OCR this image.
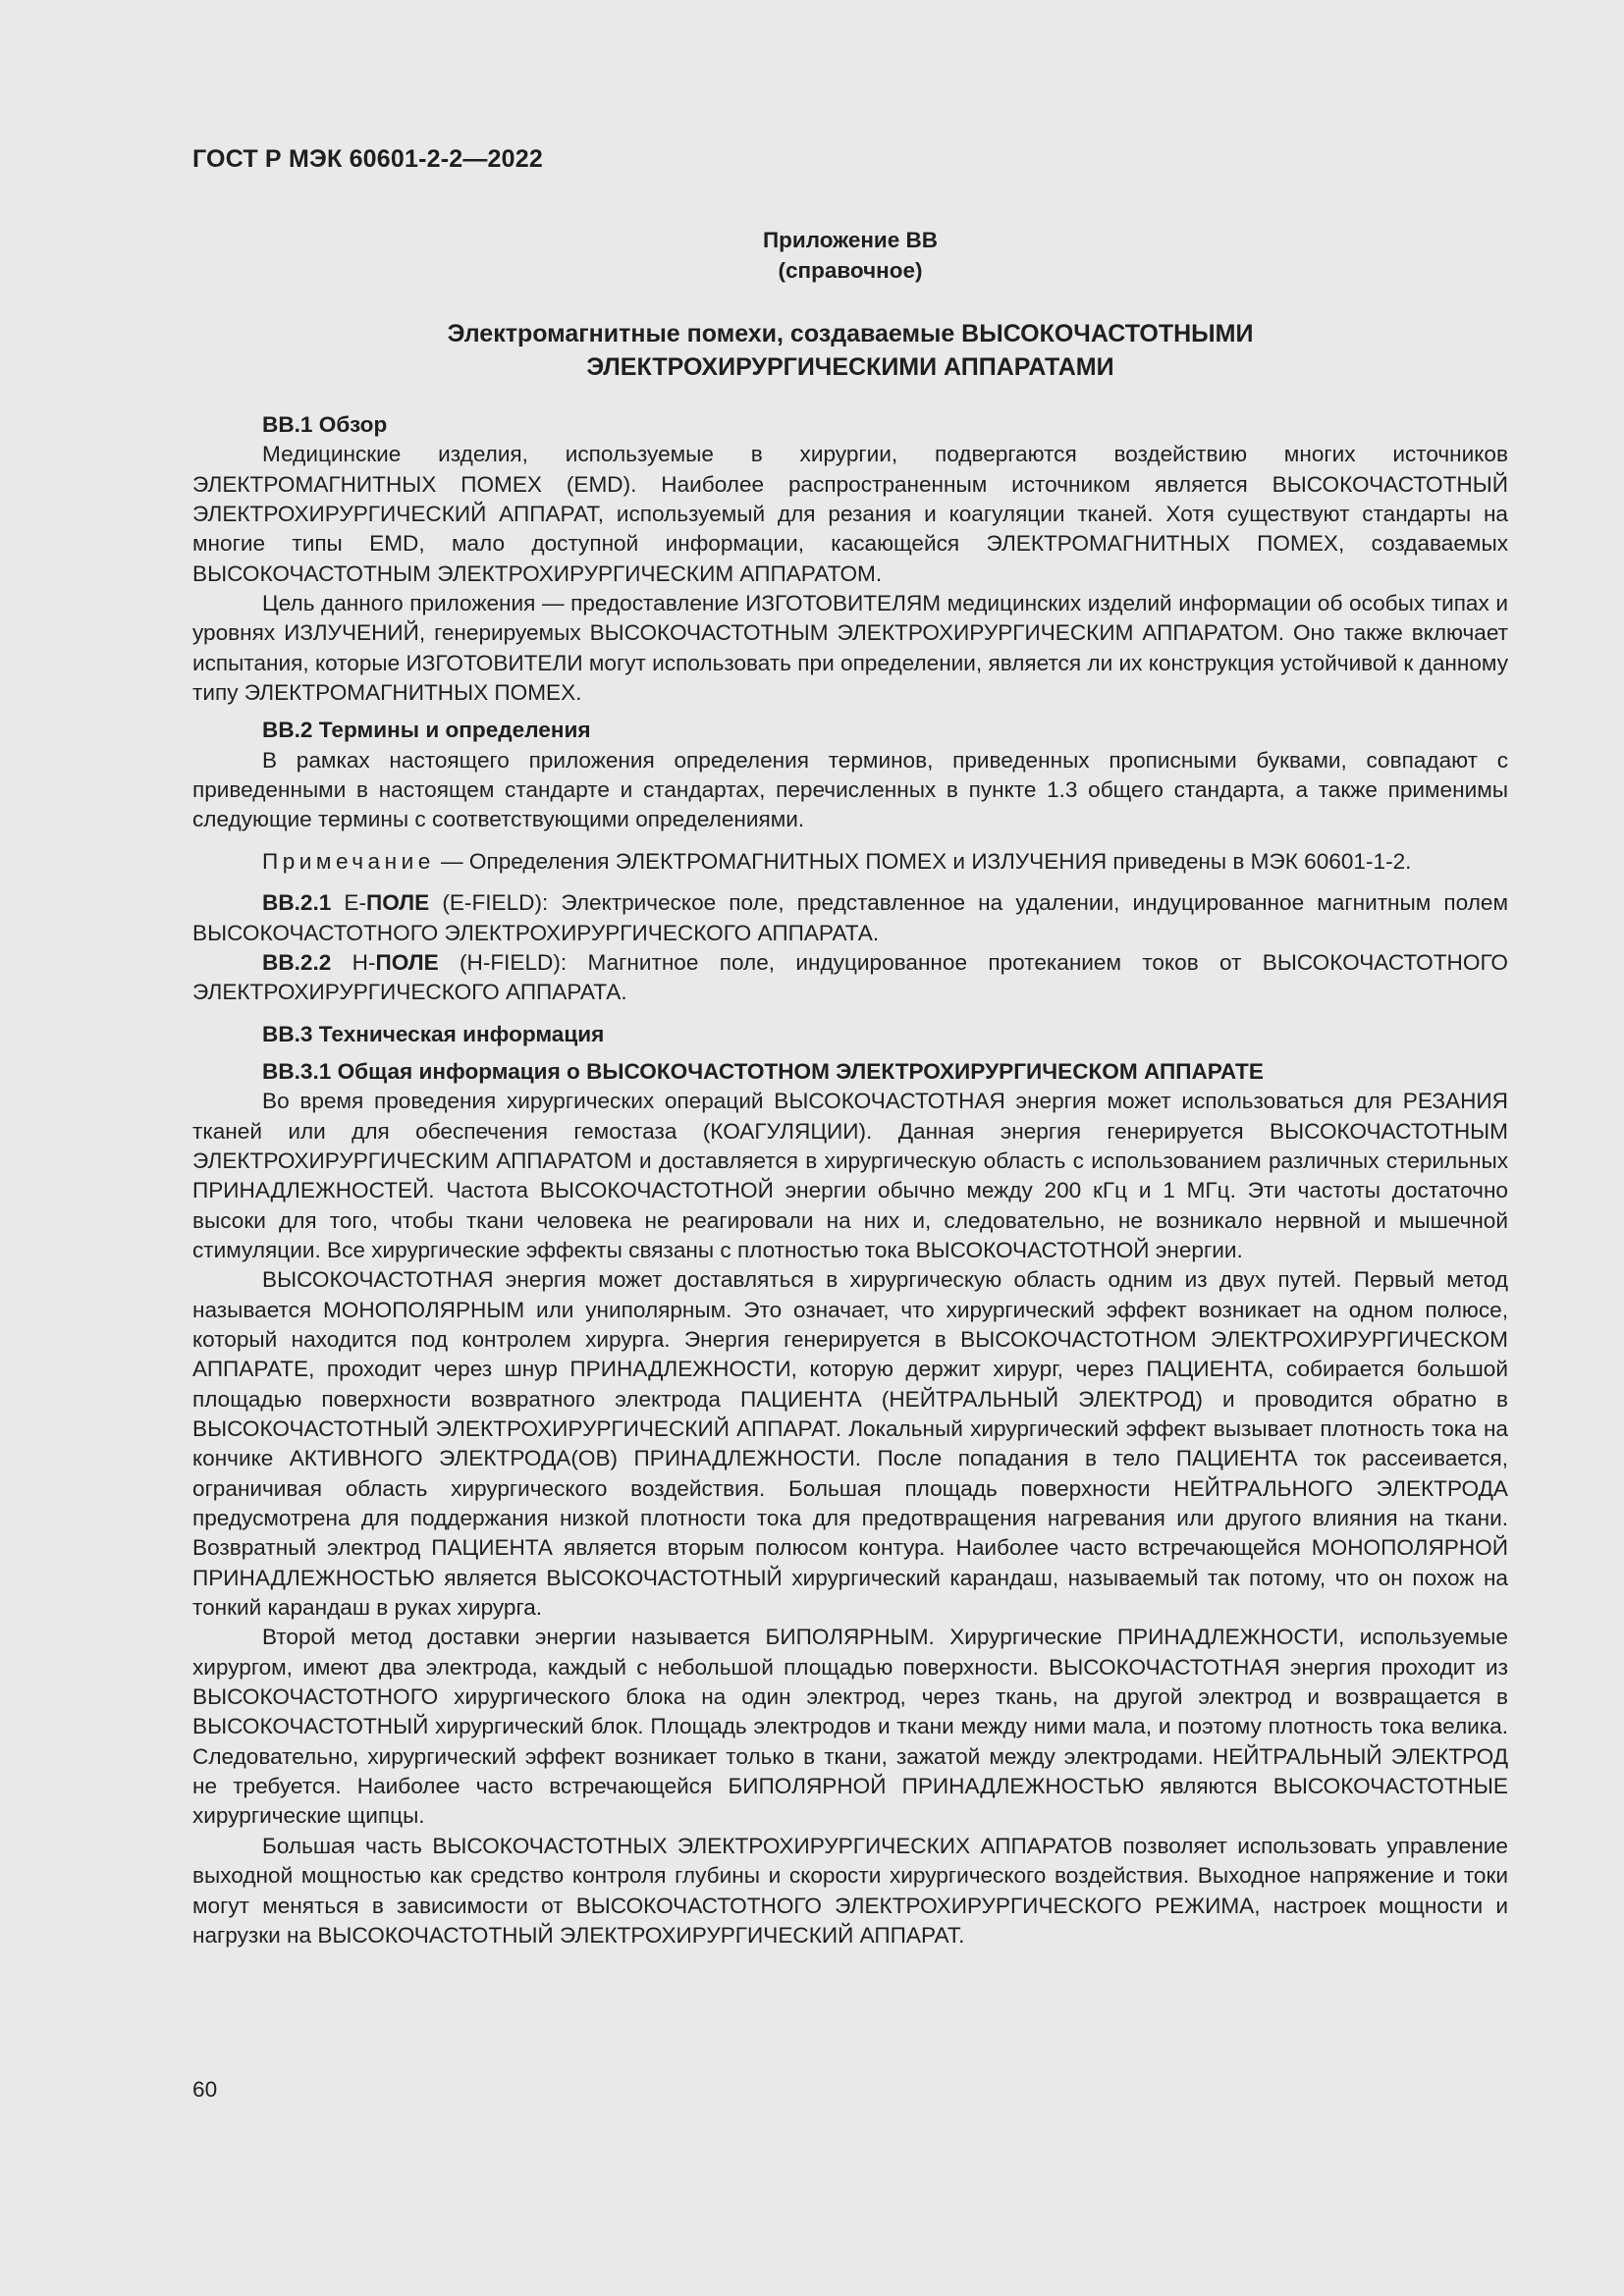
ГОСТ Р МЭК 60601-2-2—2022
Приложение ВВ
(справочное)
Электромагнитные помехи, создаваемые ВЫСОКОЧАСТОТНЫМИ
ЭЛЕКТРОХИРУРГИЧЕСКИМИ АППАРАТАМИ
ВВ.1 Обзор

Медицинские изделия, используемые в хирургии, подвергаются воздействию многих источников ЭЛЕКТРОМАГНИТНЫХ ПОМЕХ (EMD). Наиболее распространенным источником является ВЫСОКОЧАСТОТНЫЙ ЭЛЕКТРОХИРУРГИЧЕСКИЙ АППАРАТ, используемый для резания и коагуляции тканей. Хотя существуют стандарты на многие типы EMD, мало доступной информации, касающейся ЭЛЕКТРОМАГНИТНЫХ ПОМЕХ, создаваемых ВЫСОКОЧАСТОТНЫМ ЭЛЕКТРОХИРУРГИЧЕСКИМ АППАРАТОМ.

Цель данного приложения — предоставление ИЗГОТОВИТЕЛЯМ медицинских изделий информации об особых типах и уровнях ИЗЛУЧЕНИЙ, генерируемых ВЫСОКОЧАСТОТНЫМ ЭЛЕКТРОХИРУРГИЧЕСКИМ АППАРАТОМ. Оно также включает испытания, которые ИЗГОТОВИТЕЛИ могут использовать при определении, является ли их конструкция устойчивой к данному типу ЭЛЕКТРОМАГНИТНЫХ ПОМЕХ.

ВВ.2 Термины и определения

В рамках настоящего приложения определения терминов, приведенных прописными буквами, совпадают с приведенными в настоящем стандарте и стандартах, перечисленных в пункте 1.3 общего стандарта, а также применимы следующие термины с соответствующими определениями.

Примечание — Определения ЭЛЕКТРОМАГНИТНЫХ ПОМЕХ и ИЗЛУЧЕНИЯ приведены в МЭК 60601-1-2.

ВВ.2.1 Е-ПОЛЕ (E-FIELD): Электрическое поле, представленное на удалении, индуцированное магнитным полем ВЫСОКОЧАСТОТНОГО ЭЛЕКТРОХИРУРГИЧЕСКОГО АППАРАТА.

ВВ.2.2 Н-ПОЛЕ (H-FIELD): Магнитное поле, индуцированное протеканием токов от ВЫСОКОЧАСТОТНОГО ЭЛЕКТРОХИРУРГИЧЕСКОГО АППАРАТА.

ВВ.3 Техническая информация
ВВ.3.1 Общая информация о ВЫСОКОЧАСТОТНОМ ЭЛЕКТРОХИРУРГИЧЕСКОМ АППАРАТЕ

Во время проведения хирургических операций ВЫСОКОЧАСТОТНАЯ энергия может использоваться для РЕЗАНИЯ тканей или для обеспечения гемостаза (КОАГУЛЯЦИИ). Данная энергия генерируется ВЫСОКОЧАСТОТНЫМ ЭЛЕКТРОХИРУРГИЧЕСКИМ АППАРАТОМ и доставляется в хирургическую область с использованием различных стерильных ПРИНАДЛЕЖНОСТЕЙ. Частота ВЫСОКОЧАСТОТНОЙ энергии обычно между 200 кГц и 1 МГц. Эти частоты достаточно высоки для того, чтобы ткани человека не реагировали на них и, следовательно, не возникало нервной и мышечной стимуляции. Все хирургические эффекты связаны с плотностью тока ВЫСОКОЧАСТОТНОЙ энергии.

ВЫСОКОЧАСТОТНАЯ энергия может доставляться в хирургическую область одним из двух путей. Первый метод называется МОНОПОЛЯРНЫМ или униполярным. Это означает, что хирургический эффект возникает на одном полюсе, который находится под контролем хирурга. Энергия генерируется в ВЫСОКОЧАСТОТНОМ ЭЛЕКТРОХИРУРГИЧЕСКОМ АППАРАТЕ, проходит через шнур ПРИНАДЛЕЖНОСТИ, которую держит хирург, через ПАЦИЕНТА, собирается большой площадью поверхности возвратного электрода ПАЦИЕНТА (НЕЙТРАЛЬНЫЙ ЭЛЕКТРОД) и проводится обратно в ВЫСОКОЧАСТОТНЫЙ ЭЛЕКТРОХИРУРГИЧЕСКИЙ АППАРАТ. Локальный хирургический эффект вызывает плотность тока на кончике АКТИВНОГО ЭЛЕКТРОДА(ОВ) ПРИНАДЛЕЖНОСТИ. После попадания в тело ПАЦИЕНТА ток рассеивается, ограничивая область хирургического воздействия. Большая площадь поверхности НЕЙТРАЛЬНОГО ЭЛЕКТРОДА предусмотрена для поддержания низкой плотности тока для предотвращения нагревания или другого влияния на ткани. Возвратный электрод ПАЦИЕНТА является вторым полюсом контура. Наиболее часто встречающейся МОНОПОЛЯРНОЙ ПРИНАДЛЕЖНОСТЬЮ является ВЫСОКОЧАСТОТНЫЙ хирургический карандаш, называемый так потому, что он похож на тонкий карандаш в руках хирурга.

Второй метод доставки энергии называется БИПОЛЯРНЫМ. Хирургические ПРИНАДЛЕЖНОСТИ, используемые хирургом, имеют два электрода, каждый с небольшой площадью поверхности. ВЫСОКОЧАСТОТНАЯ энергия проходит из ВЫСОКОЧАСТОТНОГО хирургического блока на один электрод, через ткань, на другой электрод и возвращается в ВЫСОКОЧАСТОТНЫЙ хирургический блок. Площадь электродов и ткани между ними мала, и поэтому плотность тока велика. Следовательно, хирургический эффект возникает только в ткани, зажатой между электродами. НЕЙТРАЛЬНЫЙ ЭЛЕКТРОД не требуется. Наиболее часто встречающейся БИПОЛЯРНОЙ ПРИНАДЛЕЖНОСТЬЮ являются ВЫСОКОЧАСТОТНЫЕ хирургические щипцы.

Большая часть ВЫСОКОЧАСТОТНЫХ ЭЛЕКТРОХИРУРГИЧЕСКИХ АППАРАТОВ позволяет использовать управление выходной мощностью как средство контроля глубины и скорости хирургического воздействия. Выходное напряжение и токи могут меняться в зависимости от ВЫСОКОЧАСТОТНОГО ЭЛЕКТРОХИРУРГИЧЕСКОГО РЕЖИМА, настроек мощности и нагрузки на ВЫСОКОЧАСТОТНЫЙ ЭЛЕКТРОХИРУРГИЧЕСКИЙ АППАРАТ.

60
